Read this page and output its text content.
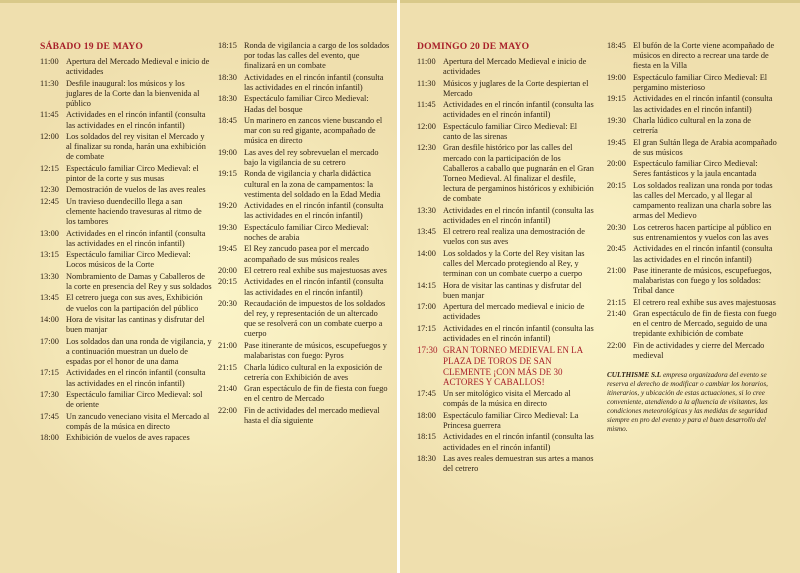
SÁBADO 19 DE MAYO
11:00 Apertura del Mercado Medieval e inicio de actividades
11:30 Desfile inaugural: los músicos y los juglares de la Corte dan la bienvenida al público
11:45 Actividades en el rincón infantil (consulta las actividades en el rincón infantil)
12:00 Los soldados del rey visitan el Mercado y al finalizar su ronda, harán una exhibición de combate
12:15 Espectáculo familiar Circo Medieval: el pintor de la corte y sus musas
12:30 Demostración de vuelos de las aves reales
12:45 Un travieso duendecillo llega a san clemente haciendo travesuras al ritmo de los tambores
13:00 Actividades en el rincón infantil (consulta las actividades en el rincón infantil)
13:15 Espectáculo familiar Circo Medieval: Locos músicos de la Corte
13:30 Nombramiento de Damas y Caballeros de la corte en presencia del Rey y sus soldados
13:45 El cetrero juega con sus aves, Exhibición de vuelos con la partipación del público
14:00 Hora de visitar las cantinas y disfrutar del buen manjar
17:00 Los soldados dan una ronda de vigilancia, y a continuación muestran un duelo de espadas por el honor de una dama
17:15 Actividades en el rincón infantil (consulta las actividades en el rincón infantil)
17:30 Espectáculo familiar Circo Medieval: sol de oriente
17:45 Un zancudo veneciano visita el Mercado al compás de la música en directo
18:00 Exhibición de vuelos de aves rapaces
18:15 Ronda de vigilancia a cargo de los soldados por todas las calles del evento, que finalizará en un combate
18:30 Actividades en el rincón infantil (consulta las actividades en el rincón infantil)
18:30 Espectáculo familiar Circo Medieval: Hadas del bosque
18:45 Un marinero en zancos viene buscando el mar con su red gigante, acompañado de música en directo
19:00 Las aves del rey sobrevuelan el mercado bajo la vigilancia de su cetrero
19:15 Ronda de vigilancia y charla didáctica cultural en la zona de campamentos: la vestimenta del soldado en la Edad Media
19:20 Actividades en el rincón infantil (consulta las actividades en el rincón infantil)
19:30 Espectáculo familiar Circo Medieval: noches de arabia
19:45 El Rey zancudo pasea por el mercado acompañado de sus músicos reales
20:00 El cetrero real exhibe sus majestuosas aves
20:15 Actividades en el rincón infantil (consulta las actividades en el rincón infantil)
20:30 Recaudación de impuestos de los soldados del rey, y representación de un altercado que se resolverá con un combate cuerpo a cuerpo
21:00 Pase itinerante de músicos, escupefuegos y malabaristas con fuego: Pyros
21:15 Charla lúdico cultural en la exposición de cetrería con Exhibición de aves
21:40 Gran espectáculo de fin de fiesta con fuego en el centro de Mercado
22:00 Fin de actividades del mercado medieval hasta el día siguiente
DOMINGO 20 DE MAYO
11:00 Apertura del Mercado Medieval e inicio de actividades
11:30 Músicos y juglares de la Corte despiertan el Mercado
11:45 Actividades en el rincón infantil (consulta las actividades en el rincón infantil)
12:00 Espectáculo familiar Circo Medieval: El canto de las sirenas
12:30 Gran desfile histórico por las calles del mercado con la participación de los Caballeros a caballo que pugnarán en el Gran Torneo Medieval. Al finalizar el desfile, lectura de pergaminos históricos y exhibición de combate
13:30 Actividades en el rincón infantil (consulta las actividades en el rincón infantil)
13:45 El cetrero real realiza una demostración de vuelos con sus aves
14:00 Los soldados y la Corte del Rey visitan las calles del Mercado protegiendo al Rey, y terminan con un combate cuerpo a cuerpo
14:15 Hora de visitar las cantinas y disfrutar del buen manjar
17:00 Apertura del mercado medieval e inicio de actividades
17:15 Actividades en el rincón infantil (consulta las actividades en el rincón infantil)
17:30 GRAN TORNEO MEDIEVAL EN LA PLAZA DE TOROS DE SAN CLEMENTE ¡CON MÁS DE 30 ACTORES Y CABALLOS!
17:45 Un ser mitológico visita el Mercado al compás de la música en directo
18:00 Espectáculo familiar Circo Medieval: La Princesa guerrera
18:15 Actividades en el rincón infantil (consulta las actividades en el rincón infantil)
18:30 Las aves reales demuestran sus artes a manos del cetrero
18:45 El bufón de la Corte viene acompañado de músicos en directo a recrear una tarde de fiesta en la Villa
19:00 Espectáculo familiar Circo Medieval: El pergamino misterioso
19:15 Actividades en el rincón infantil (consulta las actividades en el rincón infantil)
19:30 Charla lúdico cultural en la zona de cetrería
19:45 El gran Sultán llega de Arabia acompañado de sus músicos
20:00 Espectáculo familiar Circo Medieval: Seres fantásticos y la jaula encantada
20:15 Los soldados realizan una ronda por todas las calles del Mercado, y al llegar al campamento realizan una charla sobre las armas del Medievo
20:30 Los cetreros hacen partícipe al público en sus entrenamientos y vuelos con las aves
20:45 Actividades en el rincón infantil (consulta las actividades en el rincón infantil)
21:00 Pase itinerante de músicos, escupefuegos, malabaristas con fuego y los soldados: Tribal dance
21:15 El cetrero real exhibe sus aves majestuosas
21:40 Gran espectáculo de fin de fiesta con fuego en el centro de Mercado, seguido de una trepidante exhibición de combate
22:00 Fin de actividades y cierre del Mercado medieval
CULTHISME S.L empresa organizadora del evento se reserva el derecho de modificar o cambiar los horarios, itinerarios, y ubicación de estas actuaciones, si lo cree conveniente, atendiendo a la afluencia de visitantes, las condiciones meteorológicas y las medidas de seguridad siempre en pro del evento y para el buen desarrollo del mismo.
